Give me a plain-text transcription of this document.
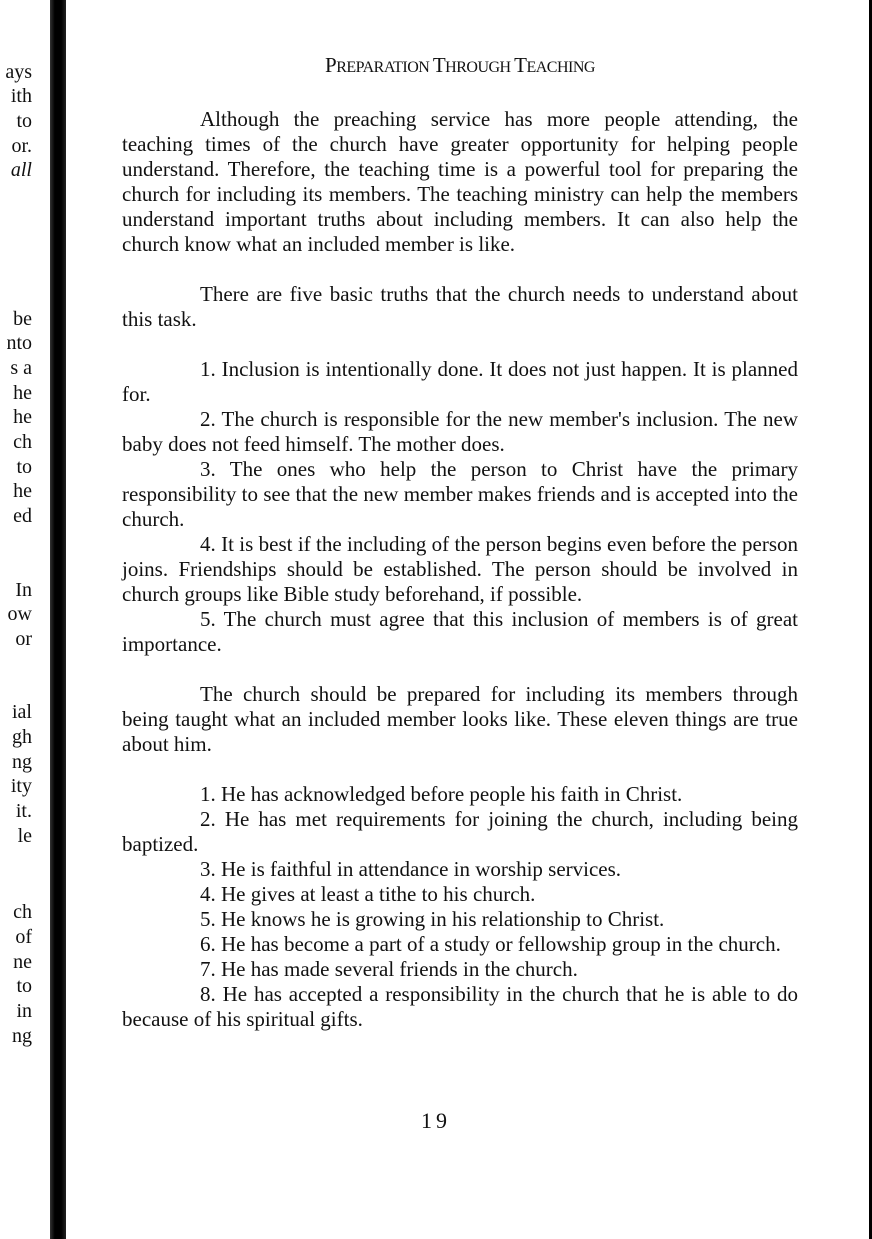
ays
ith
to
or.
all
be
nto
s a
he
he
ch
to
he
ed
In
ow
or
ial
gh
ng
ity
it.
le
ch
of
ne
to
in
ng
PREPARATION THROUGH TEACHING

Although the preaching service has more people attending, the teaching times of the church have greater opportunity for helping people understand. Therefore, the teaching time is a powerful tool for preparing the church for including its members. The teaching ministry can help the members understand important truths about including members. It can also help the church know what an included member is like.

There are five basic truths that the church needs to understand about this task.

1. Inclusion is intentionally done. It does not just happen. It is planned for.

2. The church is responsible for the new member's inclusion. The new baby does not feed himself. The mother does.

3. The ones who help the person to Christ have the primary responsibility to see that the new member makes friends and is accepted into the church.

4. It is best if the including of the person begins even before the person joins. Friendships should be established. The person should be involved in church groups like Bible study beforehand, if possible.

5. The church must agree that this inclusion of members is of great importance.

The church should be prepared for including its members through being taught what an included member looks like. These eleven things are true about him.

1. He has acknowledged before people his faith in Christ.

2. He has met requirements for joining the church, including being baptized.

3. He is faithful in attendance in worship services.

4. He gives at least a tithe to his church.

5. He knows he is growing in his relationship to Christ.

6. He has become a part of a study or fellowship group in the church.

7. He has made several friends in the church.

8. He has accepted a responsibility in the church that he is able to do because of his spiritual gifts.

19
